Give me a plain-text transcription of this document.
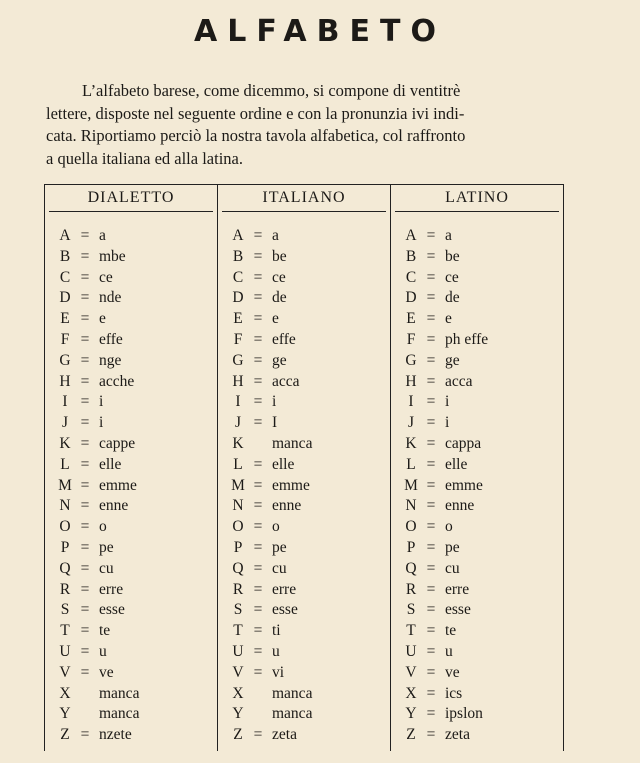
ALFABETO

L’alfabeto barese, come dicemmo, si compone di ventitrè
lettere, disposte nel seguente ordine e con la pronunzia ivi indi-
cata. Riportiamo perciò la nostra tavola alfabetica, col raffronto
a quella italiana ed alla latina.

DIALETTO
A = a
B = mbe
C = ce
D = nde
E = e
F = effe
G = nge
H = acche
I = i
J = i
K = cappe
L = elle
M = emme
N = enne
O = o
P = pe
Q = cu
R = erre
S = esse
T = te
U = u
V = ve
X manca
Y manca
Z = nzete
ITALIANO
A = a
B = be
C = ce
D = de
E = e
F = effe
G = ge
H = acca
I = i
J = I
K manca
L = elle
M = emme
N = enne
O = o
P = pe
Q = cu
R = erre
S = esse
T = ti
U = u
V = vi
X manca
Y manca
Z = zeta
LATINO
A = a
B = be
C = ce
D = de
E = e
F = ph effe
G = ge
H = acca
I = i
J = i
K = cappa
L = elle
M = emme
N = enne
O = o
P = pe
Q = cu
R = erre
S = esse
T = te
U = u
V = ve
X = ics
Y = ipslon
Z = zeta
